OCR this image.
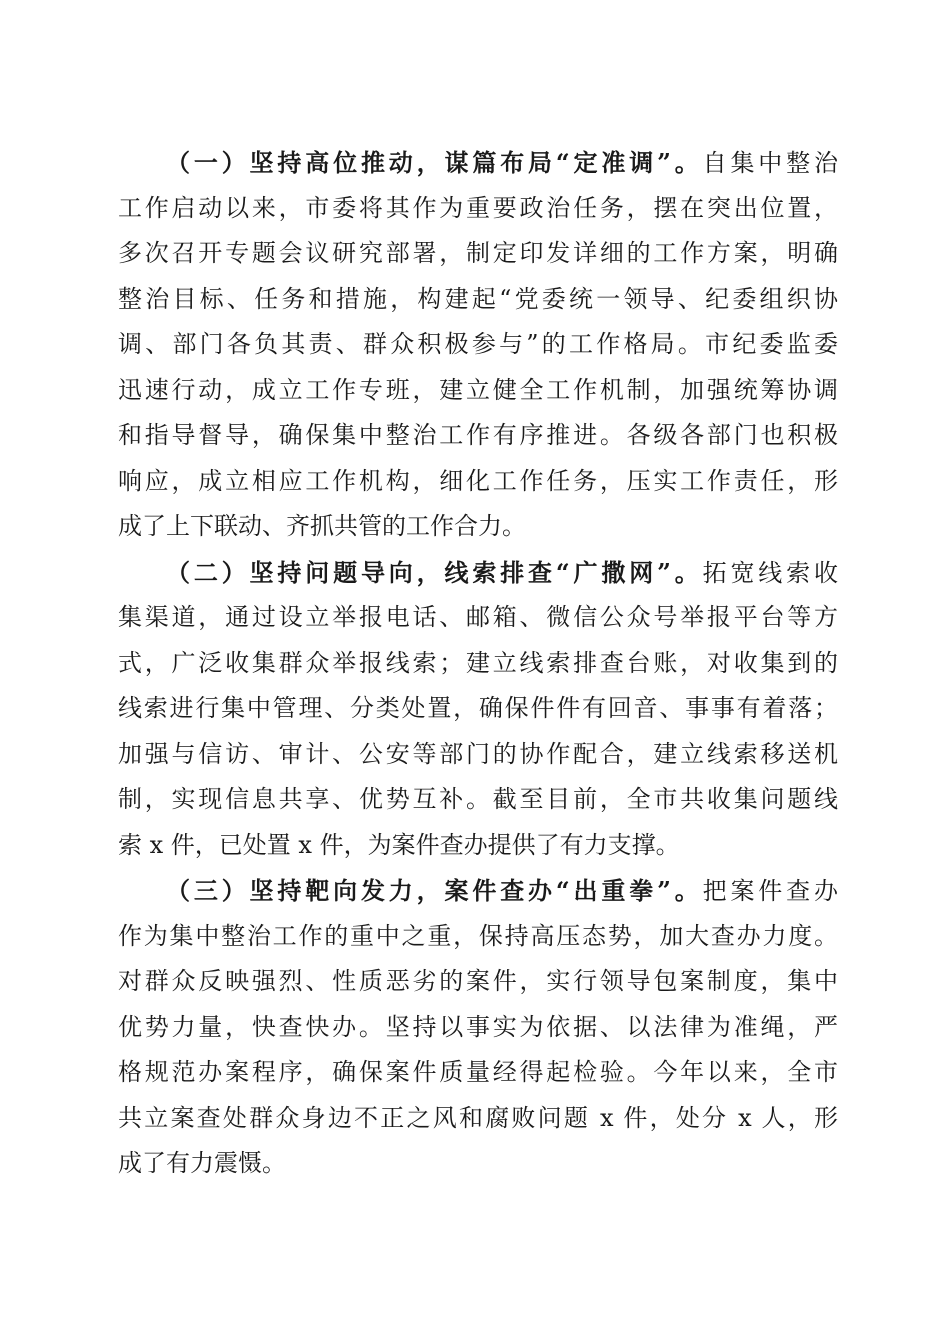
（一）坚持高位推动，谋篇布局“定准调”。自集中整治
工作启动以来，市委将其作为重要政治任务，摆在突出位置，
多次召开专题会议研究部署，制定印发详细的工作方案，明确
整治目标、任务和措施，构建起“党委统一领导、纪委组织协
调、部门各负其责、群众积极参与”的工作格局。市纪委监委
迅速行动，成立工作专班，建立健全工作机制，加强统筹协调
和指导督导，确保集中整治工作有序推进。各级各部门也积极
响应，成立相应工作机构，细化工作任务，压实工作责任，形
成了上下联动、齐抓共管的工作合力。
（二）坚持问题导向，线索排查“广撒网”。拓宽线索收
集渠道，通过设立举报电话、邮箱、微信公众号举报平台等方
式，广泛收集群众举报线索；建立线索排查台账，对收集到的
线索进行集中管理、分类处置，确保件件有回音、事事有着落；
加强与信访、审计、公安等部门的协作配合，建立线索移送机
制，实现信息共享、优势互补。截至目前，全市共收集问题线
索 x 件，已处置 x 件，为案件查办提供了有力支撑。
（三）坚持靶向发力，案件查办“出重拳”。把案件查办
作为集中整治工作的重中之重，保持高压态势，加大查办力度。
对群众反映强烈、性质恶劣的案件，实行领导包案制度，集中
优势力量，快查快办。坚持以事实为依据、以法律为准绳，严
格规范办案程序，确保案件质量经得起检验。今年以来，全市
共立案查处群众身边不正之风和腐败问题 x 件，处分 x 人，形
成了有力震慑。
